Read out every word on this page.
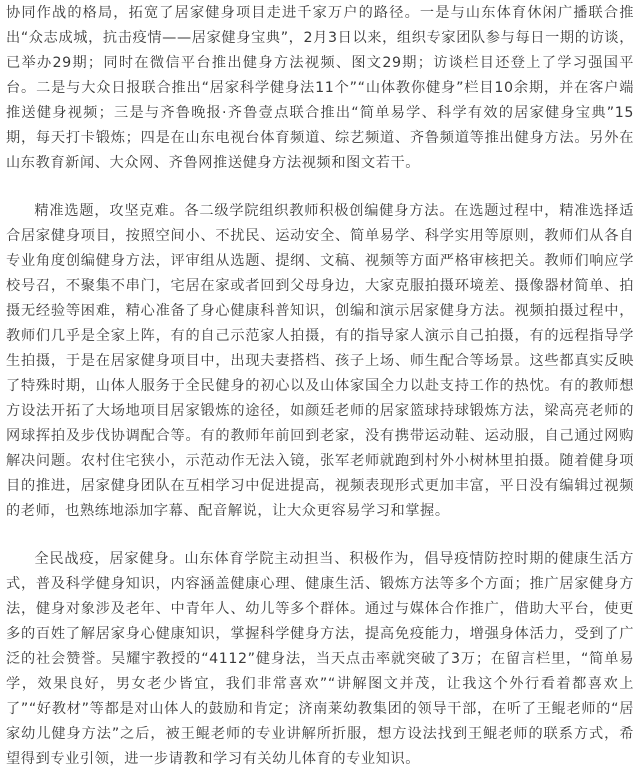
协同作战的格局，拓宽了居家健身项目走进千家万户的路径。一是与山东体育休闲广播联合推出“众志成城，抗击疫情——居家健身宝典”，2月3日以来，组织专家团队参与每日一期的访谈，已举办29期；同时在微信平台推出健身方法视频、图文29期；访谈栏目还登上了学习强国平台。二是与大众日报联合推出“居家科学健身法11个”“山体教你健身”栏目10余期，并在客户端推送健身视频；三是与齐鲁晚报·齐鲁壹点联合推出“简单易学、科学有效的居家健身宝典”15期，每天打卡锻炼；四是在山东电视台体育频道、综艺频道、齐鲁频道等推出健身方法。另外在山东教育新闻、大众网、齐鲁网推送健身方法视频和图文若干。

精准选题，攻坚克难。各二级学院组织教师积极创编健身方法。在选题过程中，精准选择适合居家健身项目，按照空间小、不扰民、运动安全、简单易学、科学实用等原则，教师们从各自专业角度创编健身方法，评审组从选题、提纲、文稿、视频等方面严格审核把关。教师们响应学校号召，不聚集不串门，宅居在家或者回到父母身边，大家克服拍摄环境差、摄像器材简单、拍摄无经验等困难，精心准备了身心健康科普知识，创编和演示居家健身方法。视频拍摄过程中，教师们几乎是全家上阵，有的自己示范家人拍摄，有的指导家人演示自己拍摄，有的远程指导学生拍摄，于是在居家健身项目中，出现夫妻搭档、孩子上场、师生配合等场景。这些都真实反映了特殊时期，山体人服务于全民健身的初心以及山体家国全力以赴支持工作的热忱。有的教师想方设法开拓了大场地项目居家锻炼的途径，如颜廷老师的居家篮球持球锻炼方法，梁高亮老师的网球挥拍及步伐协调配合等。有的教师年前回到老家，没有携带运动鞋、运动服，自己通过网购解决问题。农村住宅狭小，示范动作无法入镜，张军老师就跑到村外小树林里拍摄。随着健身项目的推进，居家健身团队在互相学习中促进提高，视频表现形式更加丰富，平日没有编辑过视频的老师，也熟练地添加字幕、配音解说，让大众更容易学习和掌握。

全民战疫，居家健身。山东体育学院主动担当、积极作为，倡导疫情防控时期的健康生活方式，普及科学健身知识，内容涵盖健康心理、健康生活、锻炼方法等多个方面；推广居家健身方法，健身对象涉及老年、中青年人、幼儿等多个群体。通过与媒体合作推广，借助大平台，使更多的百姓了解居家身心健康知识，掌握科学健身方法，提高免疫能力，增强身体活力，受到了广泛的社会赞誉。吴耀宇教授的“4112”健身法，当天点击率就突破了3万；在留言栏里，“简单易学，效果良好，男女老少皆宜，我们非常喜欢”“讲解图文并茂，让我这个外行看着都喜欢上了”“好教材”等都是对山体人的鼓励和肯定；济南莱幼教集团的领导干部，在听了王鲲老师的“居家幼儿健身方法”之后，被王鲲老师的专业讲解所折服，想方设法找到王鲲老师的联系方式，希望得到专业引领，进一步请教和学习有关幼儿体育的专业知识。
